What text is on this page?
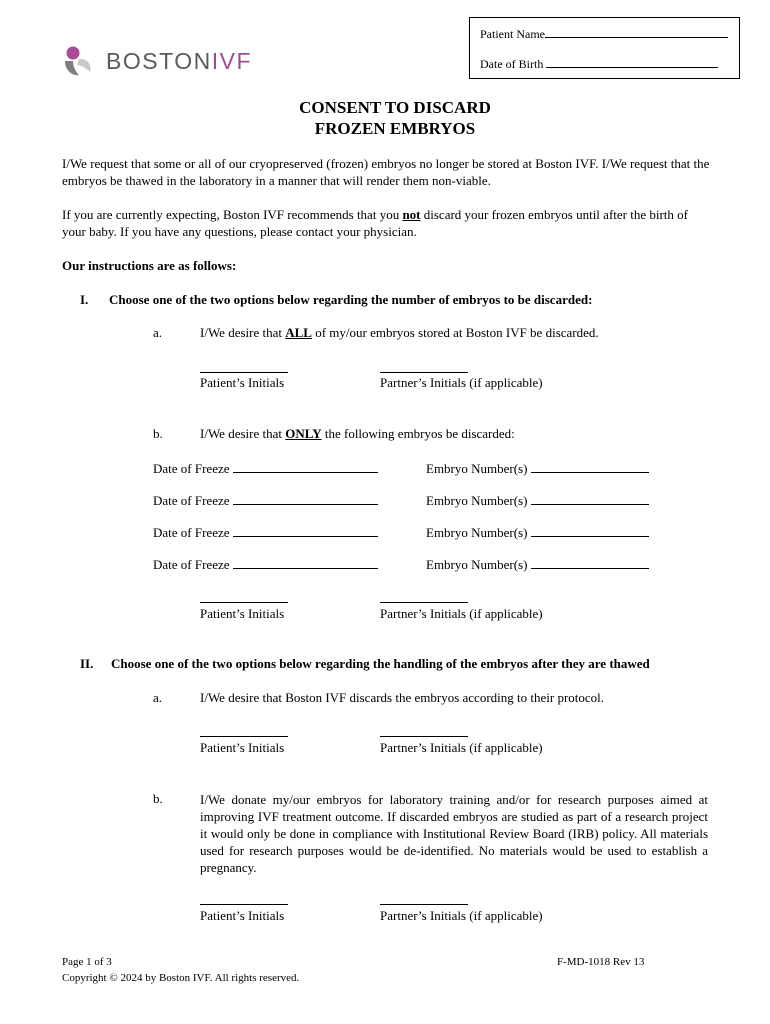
BOSTONIVF
Patient Name
Date of Birth
CONSENT TO DISCARD
FROZEN EMBRYOS
I/We request that some or all of our cryopreserved (frozen) embryos no longer be stored at Boston IVF. I/We request that the embryos be thawed in the laboratory in a manner that will render them non-viable.
If you are currently expecting, Boston IVF recommends that you not discard your frozen embryos until after the birth of your baby. If you have any questions, please contact your physician.
Our instructions are as follows:
I. Choose one of the two options below regarding the number of embryos to be discarded:
a.	I/We desire that ALL of my/our embryos stored at Boston IVF be discarded.
Patient’s Initials	Partner’s Initials (if applicable)
b.	I/We desire that ONLY the following embryos be discarded:
Date of Freeze	Embryo Number(s)
Date of Freeze	Embryo Number(s)
Date of Freeze	Embryo Number(s)
Date of Freeze	Embryo Number(s)
Patient’s Initials	Partner’s Initials (if applicable)
II. Choose one of the two options below regarding the handling of the embryos after they are thawed
a.	I/We desire that Boston IVF discards the embryos according to their protocol.
Patient’s Initials	Partner’s Initials (if applicable)
b.	I/We donate my/our embryos for laboratory training and/or for research purposes aimed at improving IVF treatment outcome. If discarded embryos are studied as part of a research project it would only be done in compliance with Institutional Review Board (IRB) policy. All materials used for research purposes would be de-identified. No materials would be used to establish a pregnancy.
Patient’s Initials	Partner’s Initials (if applicable)
Page 1 of 3
Copyright © 2024 by Boston IVF. All rights reserved.
F-MD-1018 Rev 13
